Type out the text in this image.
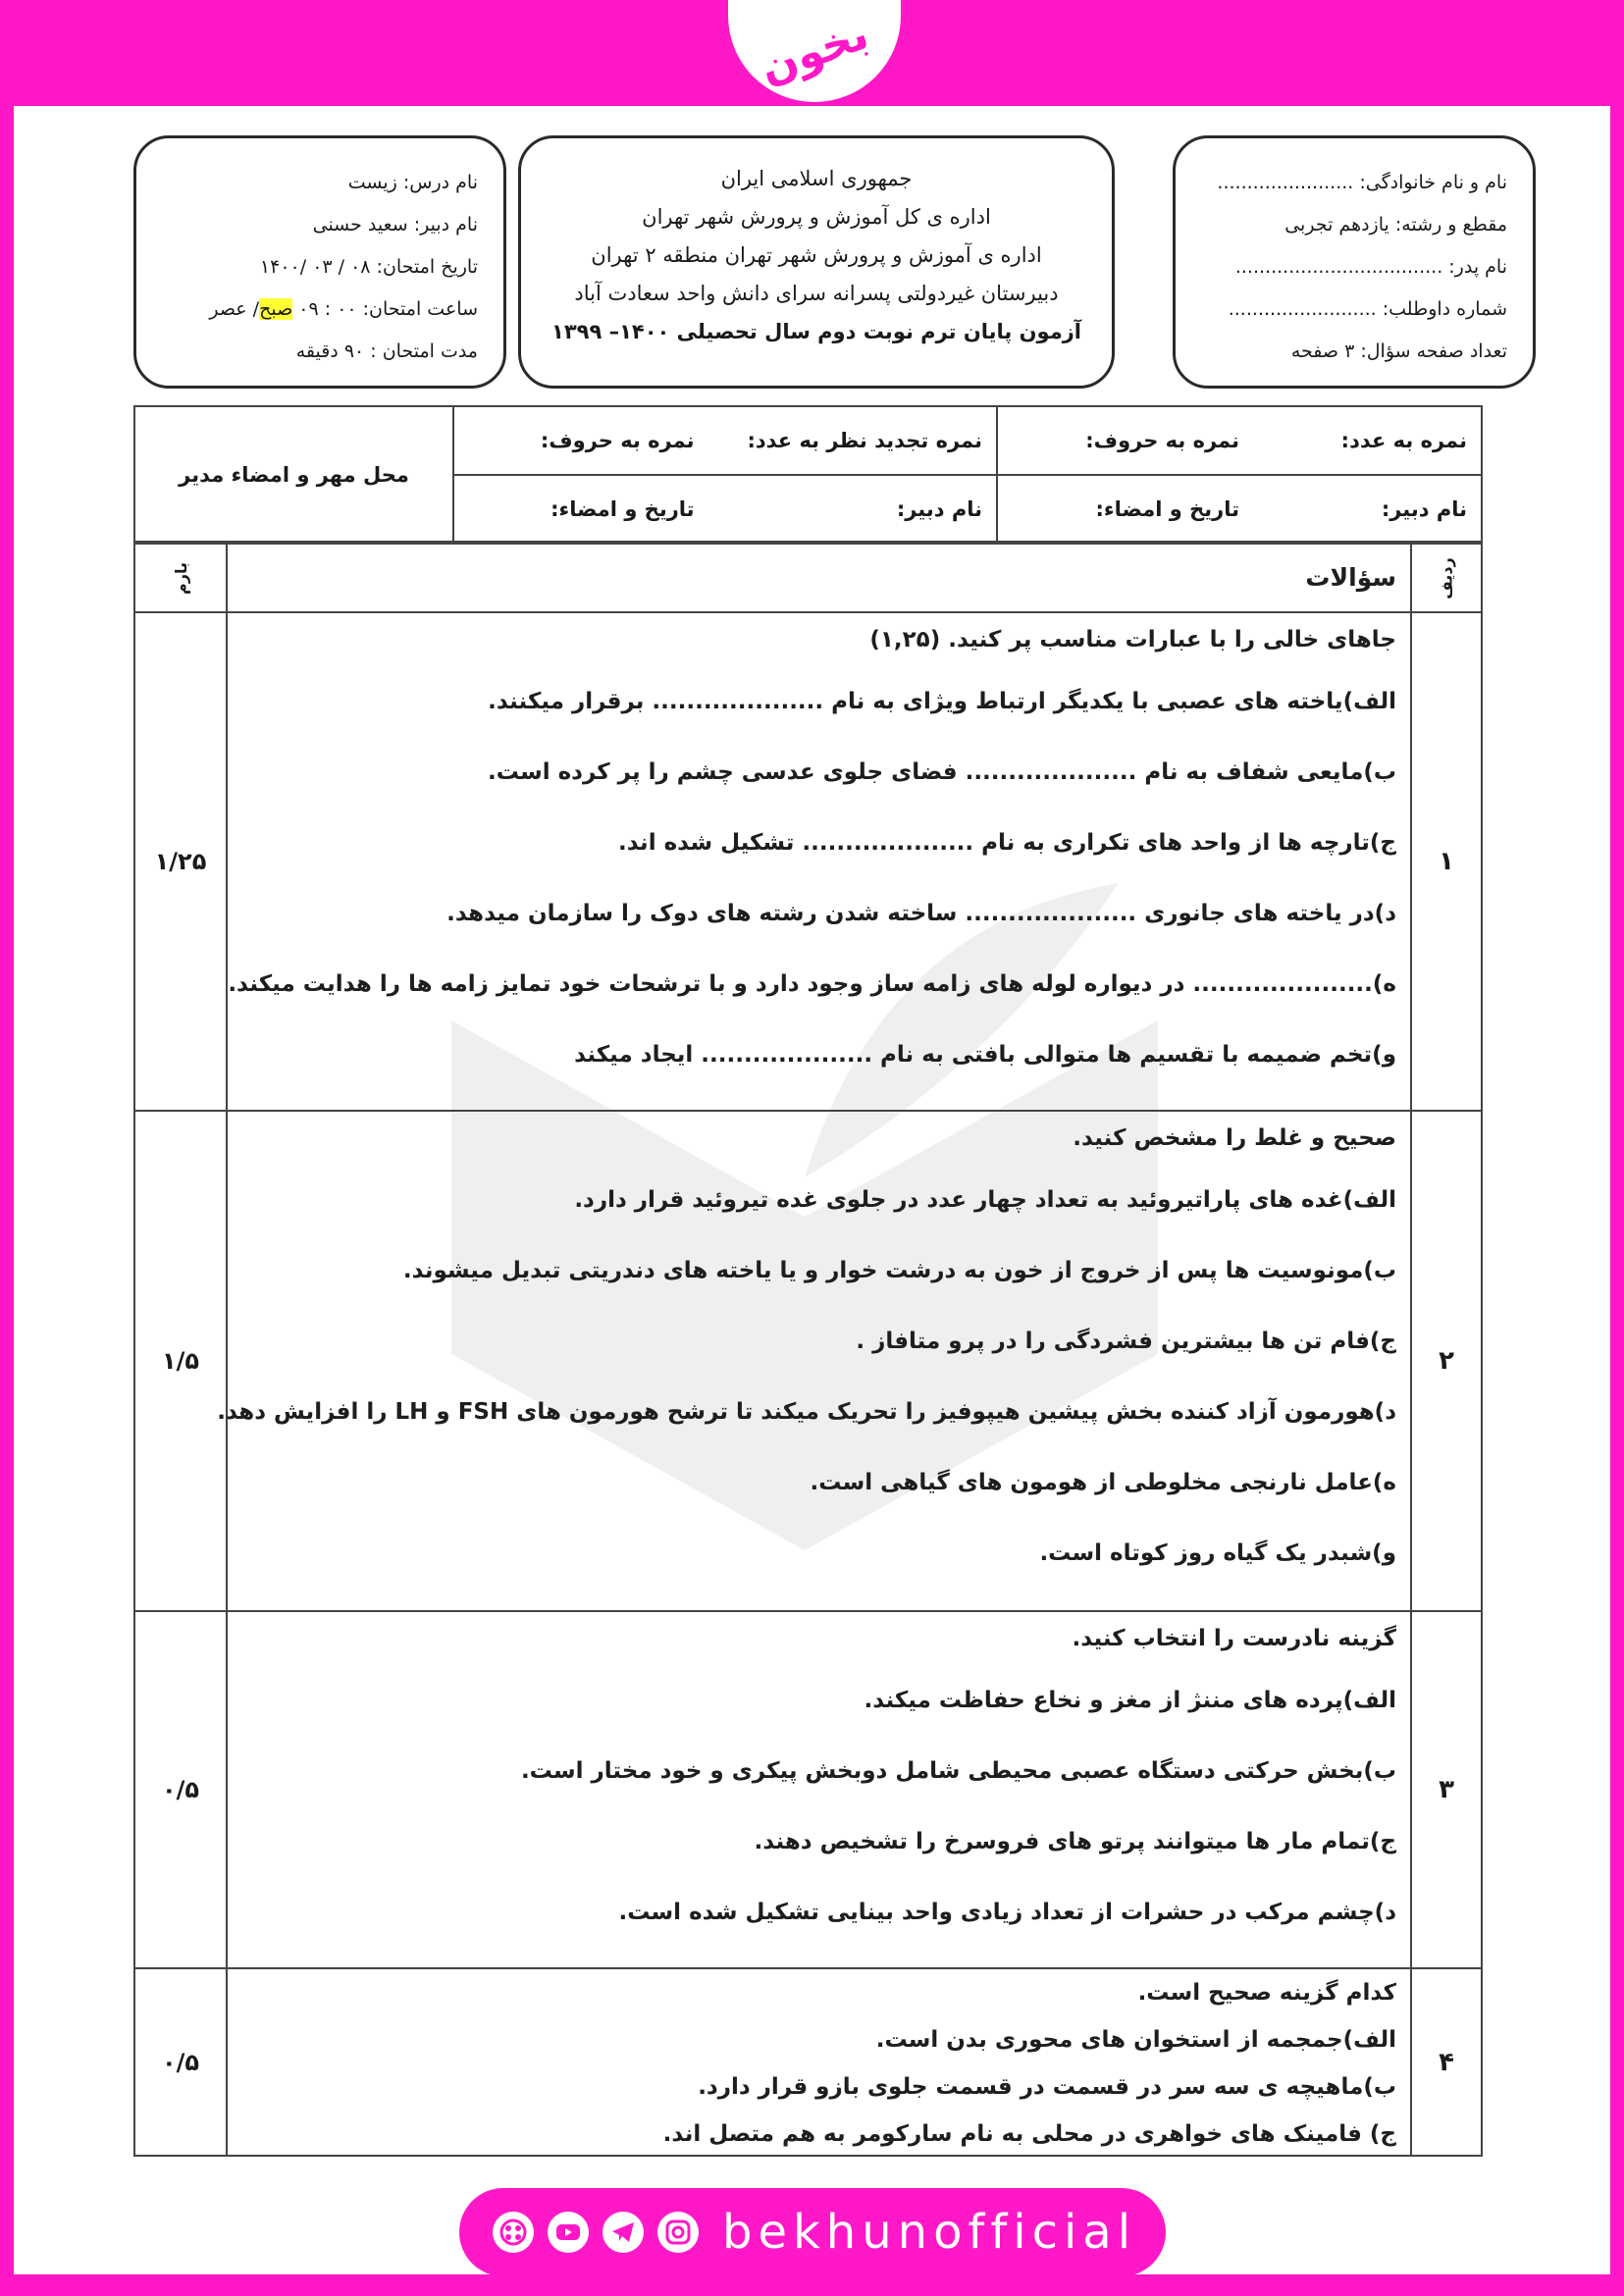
بخون
نام و نام خانوادگی: .......................
مقطع و رشته: یازدهم تجربی
نام پدر: ...................................
شماره داوطلب: .........................
تعداد صفحه سؤال: ۳ صفحه
جمهوری اسلامی ایران
اداره ی کل آموزش و پرورش شهر تهران
اداره ی آموزش و پرورش شهر تهران منطقه ۲ تهران
دبیرستان غیردولتی پسرانه سرای دانش واحد سعادت آباد
آزمون پایان ترم نوبت دوم سال تحصیلی ۱۴۰۰– ۱۳۹۹
نام درس: زیست
نام دبیر: سعید حسنی
تاریخ امتحان: ۰۸ / ۰۳ /۱۴۰۰
ساعت امتحان: ۰۰ : ۰۹ صبح/ عصر
مدت امتحان : ۹۰ دقیقه
نمره به عدد:
نمره به حروف:
نام دبیر:
تاریخ و امضاء:
نمره تجدید نظر به عدد:
نمره به حروف:
نام دبیر:
تاریخ و امضاء:
محل مهر و امضاء مدیر
ردیف
سؤالات
بارم
۱
۱/۲۵
جاهای خالی را با عبارات مناسب پر کنید. (۱,۲۵)
الف)یاخته های عصبی با یکدیگر ارتباط ویژای به نام .................... برقرار میکنند.
ب)مایعی شفاف به نام .................... فضای جلوی عدسی چشم را پر کرده است.
ج)تارچه ها از واحد های تکراری به نام .................... تشکیل شده اند.
د)در یاخته های جانوری .................... ساخته شدن رشته های دوک را سازمان میدهد.
ه)..................... در دیواره لوله های زامه ساز وجود دارد و با ترشحات خود تمایز زامه ها را هدایت میکند.
و)تخم ضمیمه با تقسیم ها متوالی بافتی به نام .................... ایجاد میکند
۲
۱/۵
صحیح و غلط را مشخص کنید.
الف)غده های پاراتیروئید به تعداد چهار عدد در جلوی غده تیروئید قرار دارد.
ب)مونوسیت ها پس از خروج از خون به درشت خوار و یا یاخته های دندریتی تبدیل میشوند.
ج)فام تن ها بیشترین فشردگی را در پرو متافاز .
د)هورمون آزاد کننده بخش پیشین هیپوفیز را تحریک میکند تا ترشح هورمون های FSH و LH را افزایش دهد.
ه)عامل نارنجی مخلوطی از هومون های گیاهی است.
و)شبدر یک گیاه روز کوتاه است.
۳
۰/۵
گزینه نادرست را انتخاب کنید.
الف)پرده های مننژ از مغز و نخاع حفاظت میکند.
ب)بخش حرکتی دستگاه عصبی محیطی شامل دوبخش پیکری و خود مختار است.
ج)تمام مار ها میتوانند پرتو های فروسرخ را تشخیص دهند.
د)چشم مرکب در حشرات از تعداد زیادی واحد بینایی تشکیل شده است.
۴
۰/۵
کدام گزینه صحیح است.
الف)جمجمه از استخوان های محوری بدن است.
ب)ماهیچه ی سه سر در قسمت در قسمت جلوی بازو قرار دارد.
ج) فامینک های خواهری در محلی به نام سارکومر به هم متصل اند.
bekhunofficial
